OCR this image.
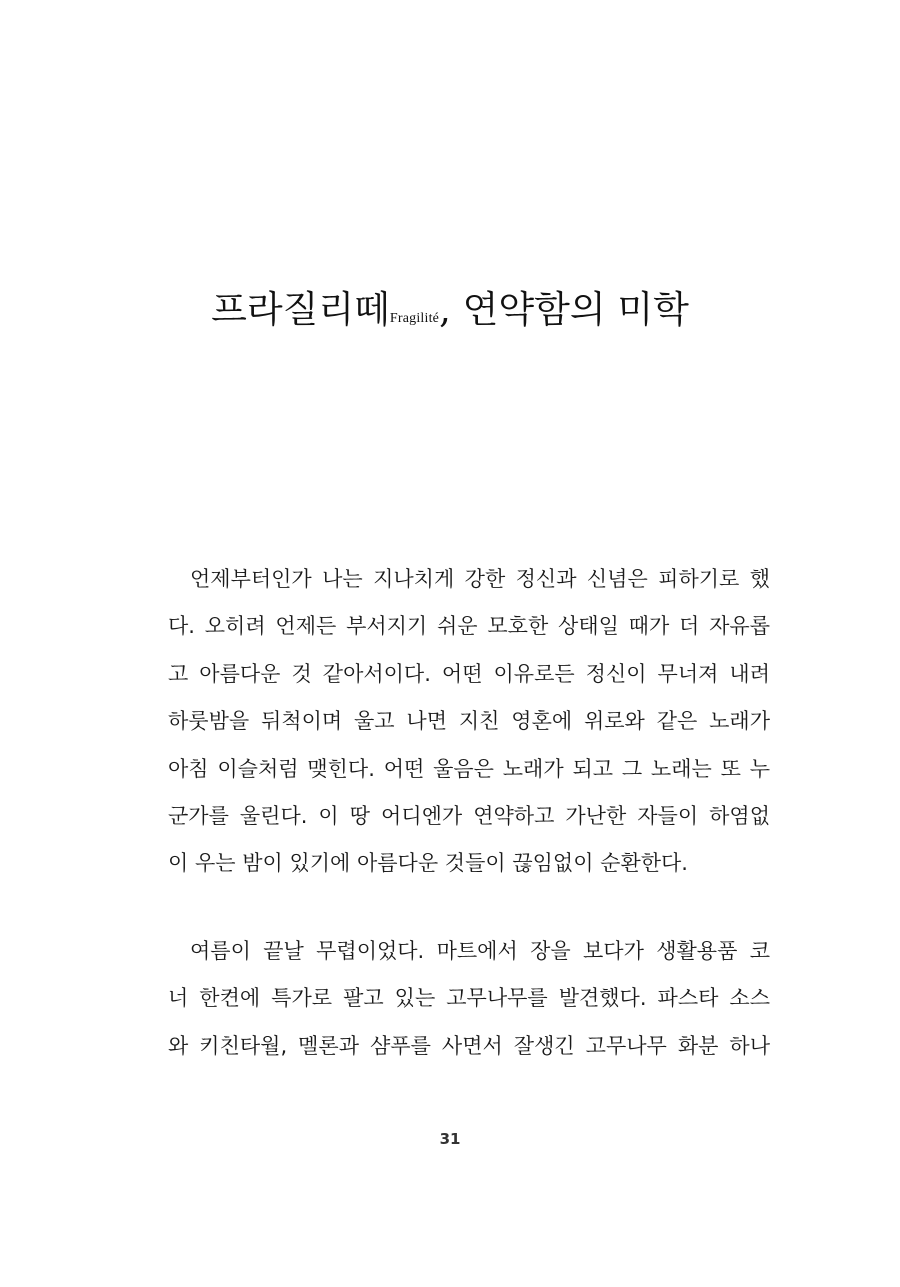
프라질리떼Fragilité, 연약함의 미학
언제부터인가 나는 지나치게 강한 정신과 신념은 피하기로 했
다. 오히려 언제든 부서지기 쉬운 모호한 상태일 때가 더 자유롭
고 아름다운 것 같아서이다. 어떤 이유로든 정신이 무너져 내려
하룻밤을 뒤척이며 울고 나면 지친 영혼에 위로와 같은 노래가
아침 이슬처럼 맺힌다. 어떤 울음은 노래가 되고 그 노래는 또 누
군가를 울린다. 이 땅 어디엔가 연약하고 가난한 자들이 하염없
이 우는 밤이 있기에 아름다운 것들이 끊임없이 순환한다.
여름이 끝날 무렵이었다. 마트에서 장을 보다가 생활용품 코
너 한켠에 특가로 팔고 있는 고무나무를 발견했다. 파스타 소스
와 키친타월, 멜론과 샴푸를 사면서 잘생긴 고무나무 화분 하나
31
